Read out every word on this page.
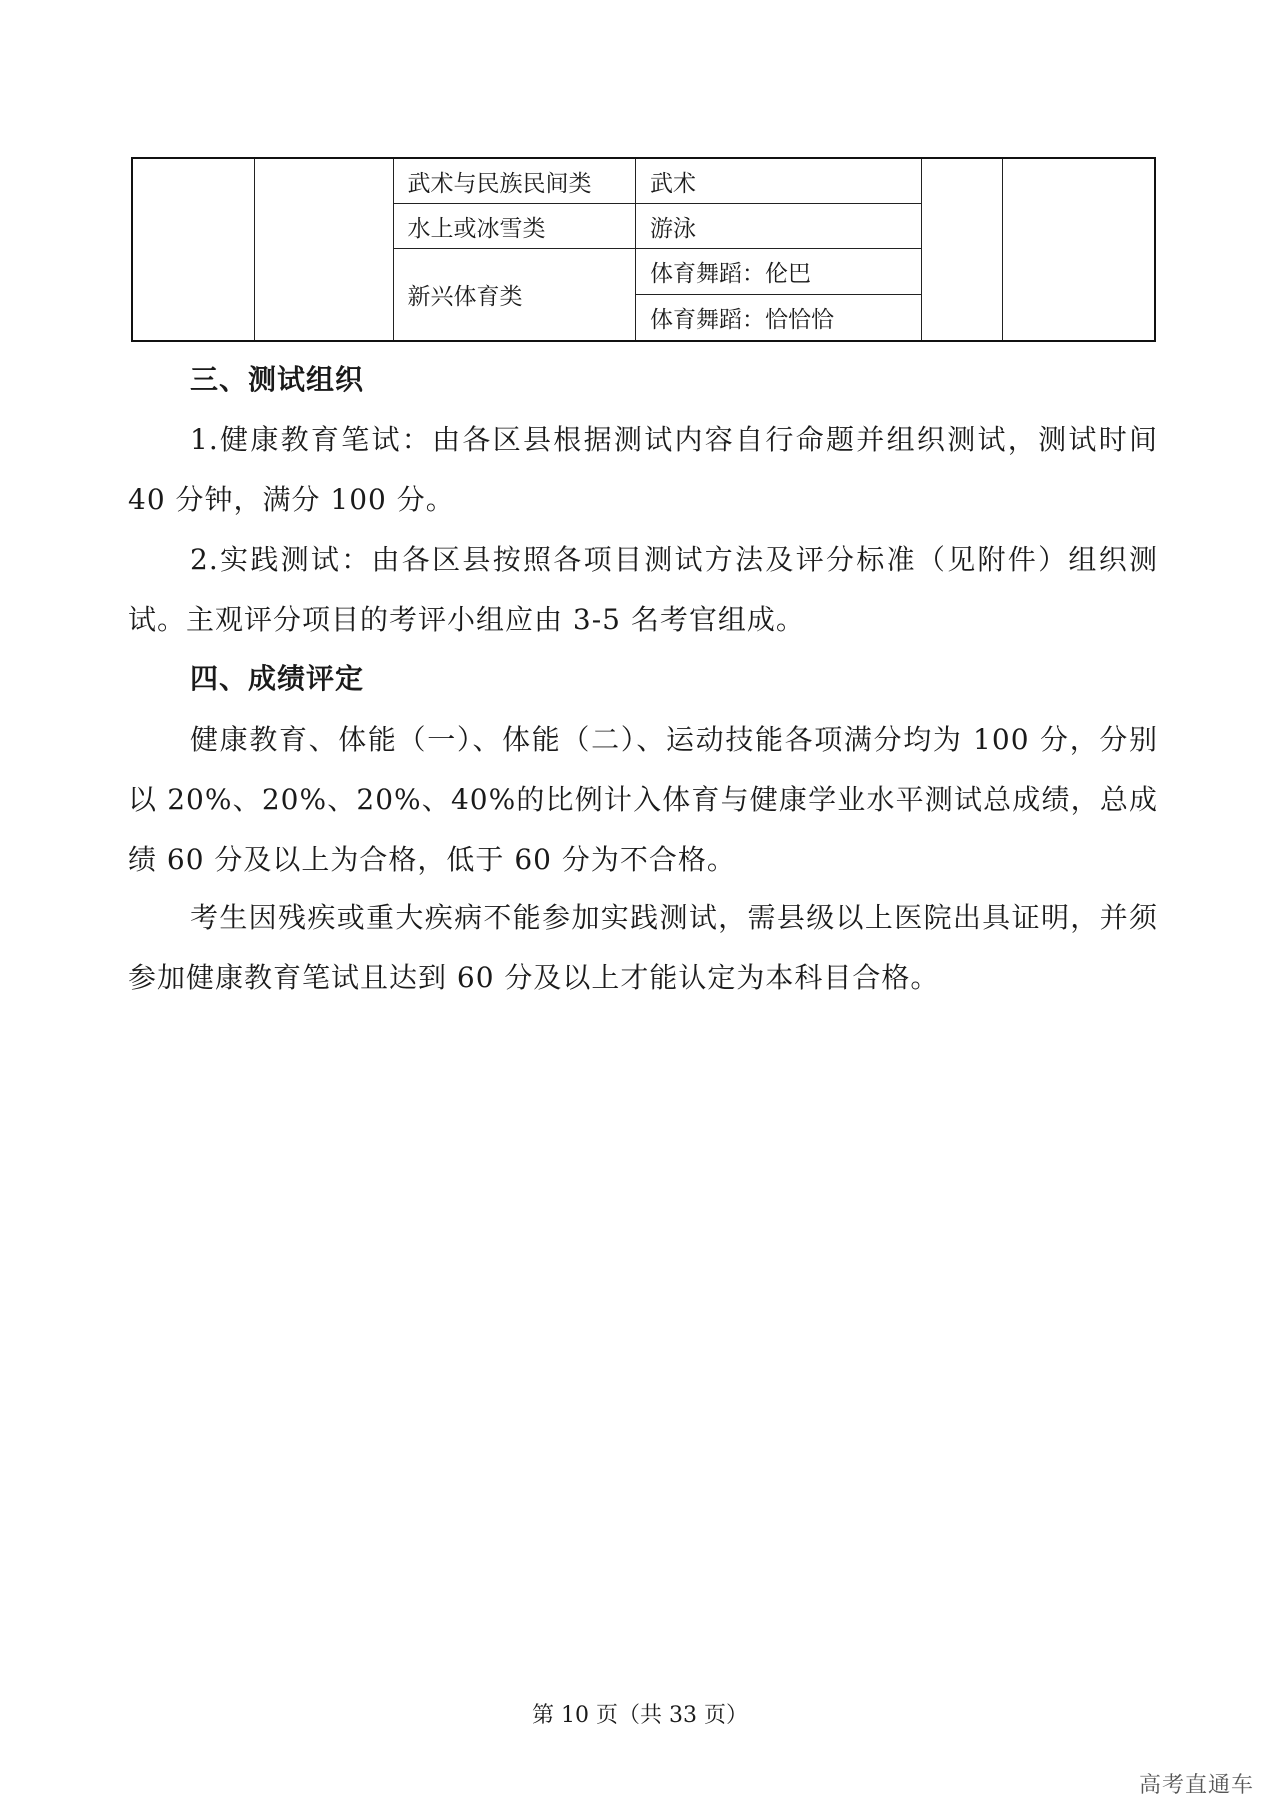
		武术与民族民间类	武术		
		水上或冰雪类	游泳		
		新兴体育类	体育舞蹈：伦巴		
			体育舞蹈：恰恰恰		
三、测试组织

1.健康教育笔试：由各区县根据测试内容自行命题并组织测试，测试时间 40 分钟，满分 100 分。

2.实践测试：由各区县按照各项目测试方法及评分标准（见附件）组织测试。主观评分项目的考评小组应由 3-5 名考官组成。

四、成绩评定

健康教育、体能（一）、体能（二）、运动技能各项满分均为 100 分，分别以 20%、20%、20%、40%的比例计入体育与健康学业水平测试总成绩，总成绩 60 分及以上为合格，低于 60 分为不合格。

考生因残疾或重大疾病不能参加实践测试，需县级以上医院出具证明，并须参加健康教育笔试且达到 60 分及以上才能认定为本科目合格。

第 10 页（共 33 页）
高考直通车
